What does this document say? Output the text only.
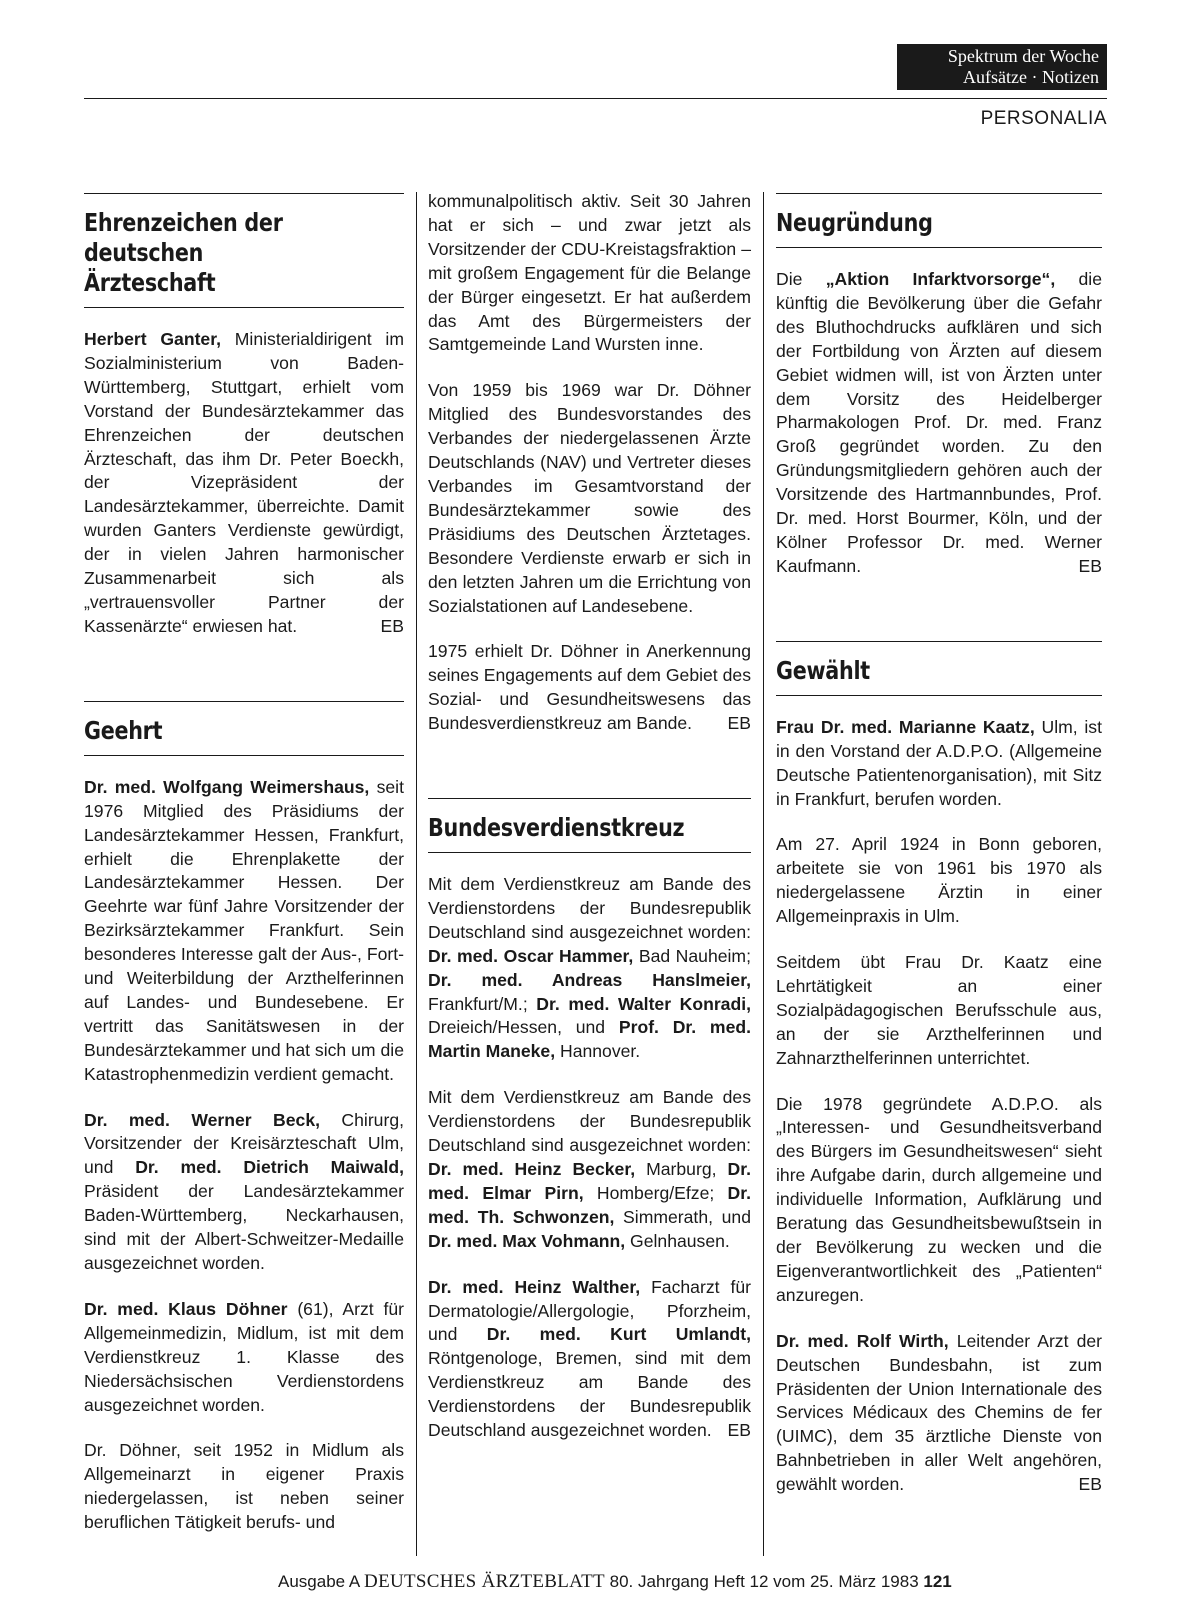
Spektrum der Woche
Aufsätze · Notizen
PERSONALIA
Ehrenzeichen der deutschen Ärzteschaft

Herbert Ganter, Ministerialdirigent im Sozialministerium von Baden-Württemberg, Stuttgart, erhielt vom Vorstand der Bundesärztekammer das Ehrenzeichen der deutschen Ärzteschaft, das ihm Dr. Peter Boeckh, der Vizepräsident der Landesärztekammer, überreichte. Damit wurden Ganters Verdienste gewürdigt, der in vielen Jahren harmonischer Zusammenarbeit sich als „vertrauensvoller Partner der Kassenärzte“ erwiesen hat.	EB

Geehrt

Dr. med. Wolfgang Weimershaus, seit 1976 Mitglied des Präsidiums der Landesärztekammer Hessen, Frankfurt, erhielt die Ehrenplakette der Landesärztekammer Hessen. Der Geehrte war fünf Jahre Vorsitzender der Bezirksärztekammer Frankfurt. Sein besonderes Interesse galt der Aus-, Fort- und Weiterbildung der Arzthelferinnen auf Landes- und Bundesebene. Er vertritt das Sanitätswesen in der Bundesärztekammer und hat sich um die Katastrophenmedizin verdient gemacht.

Dr. med. Werner Beck, Chirurg, Vorsitzender der Kreisärzteschaft Ulm, und Dr. med. Dietrich Maiwald, Präsident der Landesärztekammer Baden-Württemberg, Neckarhausen, sind mit der Albert-Schweitzer-Medaille ausgezeichnet worden.

Dr. med. Klaus Döhner (61), Arzt für Allgemeinmedizin, Midlum, ist mit dem Verdienstkreuz 1. Klasse des Niedersächsischen Verdienstordens ausgezeichnet worden.

Dr. Döhner, seit 1952 in Midlum als Allgemeinarzt in eigener Praxis niedergelassen, ist neben seiner beruflichen Tätigkeit berufs- und

kommunalpolitisch aktiv. Seit 30 Jahren hat er sich – und zwar jetzt als Vorsitzender der CDU-Kreistagsfraktion – mit großem Engagement für die Belange der Bürger eingesetzt. Er hat außerdem das Amt des Bürgermeisters der Samtgemeinde Land Wursten inne.

Von 1959 bis 1969 war Dr. Döhner Mitglied des Bundesvorstandes des Verbandes der niedergelassenen Ärzte Deutschlands (NAV) und Vertreter dieses Verbandes im Gesamtvorstand der Bundesärztekammer sowie des Präsidiums des Deutschen Ärztetages. Besondere Verdienste erwarb er sich in den letzten Jahren um die Errichtung von Sozialstationen auf Landesebene.

1975 erhielt Dr. Döhner in Anerkennung seines Engagements auf dem Gebiet des Sozial- und Gesundheitswesens das Bundesverdienstkreuz am Bande. EB

Bundesverdienstkreuz

Mit dem Verdienstkreuz am Bande des Verdienstordens der Bundesrepublik Deutschland sind ausgezeichnet worden: Dr. med. Oscar Hammer, Bad Nauheim; Dr. med. Andreas Hanslmeier, Frankfurt/M.; Dr. med. Walter Konradi, Dreieich/Hessen, und Prof. Dr. med. Martin Maneke, Hannover.

Mit dem Verdienstkreuz am Bande des Verdienstordens der Bundesrepublik Deutschland sind ausgezeichnet worden: Dr. med. Heinz Becker, Marburg, Dr. med. Elmar Pirn, Homberg/Efze; Dr. med. Th. Schwonzen, Simmerath, und Dr. med. Max Vohmann, Gelnhausen.

Dr. med. Heinz Walther, Facharzt für Dermatologie/Allergologie, Pforzheim, und Dr. med. Kurt Umlandt, Röntgenologe, Bremen, sind mit dem Verdienstkreuz am Bande des Verdienstordens der Bundesrepublik Deutschland ausgezeichnet worden. EB

Neugründung

Die „Aktion Infarktvorsorge“, die künftig die Bevölkerung über die Gefahr des Bluthochdrucks aufklären und sich der Fortbildung von Ärzten auf diesem Gebiet widmen will, ist von Ärzten unter dem Vorsitz des Heidelberger Pharmakologen Prof. Dr. med. Franz Groß gegründet worden. Zu den Gründungsmitgliedern gehören auch der Vorsitzende des Hartmannbundes, Prof. Dr. med. Horst Bourmer, Köln, und der Kölner Professor Dr. med. Werner Kaufmann.	EB

Gewählt

Frau Dr. med. Marianne Kaatz, Ulm, ist in den Vorstand der A.D.P.O. (Allgemeine Deutsche Patientenorganisation), mit Sitz in Frankfurt, berufen worden.

Am 27. April 1924 in Bonn geboren, arbeitete sie von 1961 bis 1970 als niedergelassene Ärztin in einer Allgemeinpraxis in Ulm.

Seitdem übt Frau Dr. Kaatz eine Lehrtätigkeit an einer Sozialpädagogischen Berufsschule aus, an der sie Arzthelferinnen und Zahnarzthelferinnen unterrichtet.

Die 1978 gegründete A.D.P.O. als „Interessen- und Gesundheitsverband des Bürgers im Gesundheitswesen“ sieht ihre Aufgabe darin, durch allgemeine und individuelle Information, Aufklärung und Beratung das Gesundheitsbewußtsein in der Bevölkerung zu wecken und die Eigenverantwortlichkeit des „Patienten“ anzuregen.

Dr. med. Rolf Wirth, Leitender Arzt der Deutschen Bundesbahn, ist zum Präsidenten der Union Internationale des Services Médicaux des Chemins de fer (UIMC), dem 35 ärztliche Dienste von Bahnbetrieben in aller Welt angehören, gewählt worden.	EB

Ausgabe A DEUTSCHES ÄRZTEBLATT 80. Jahrgang Heft 12 vom 25. März 1983 121
